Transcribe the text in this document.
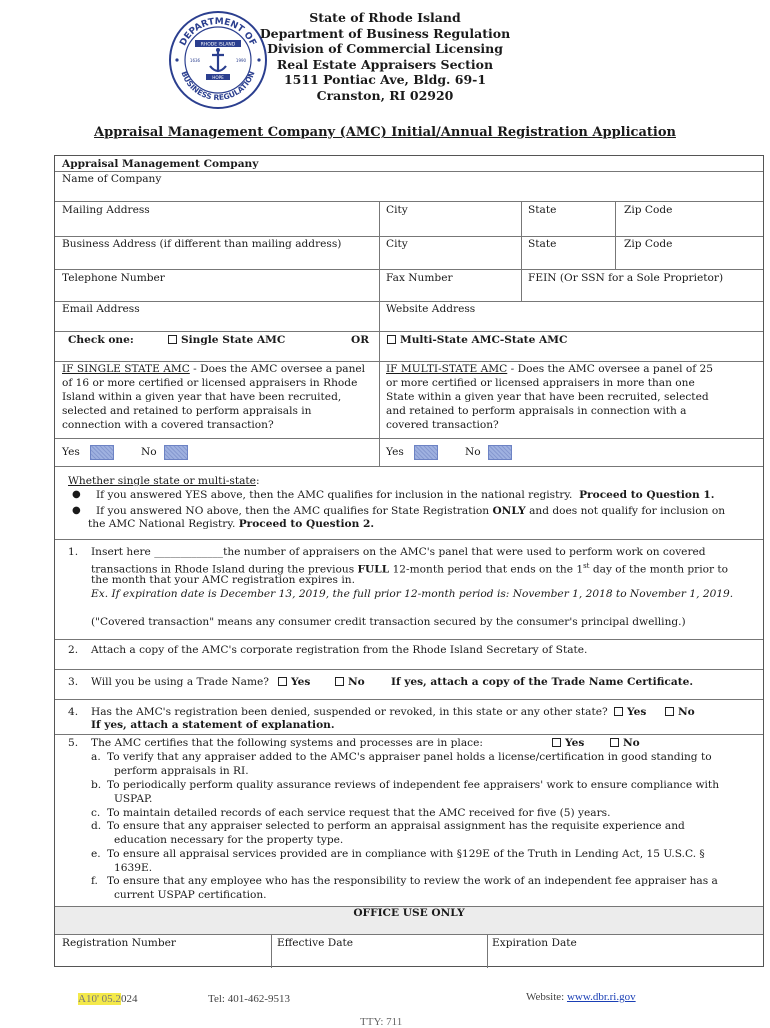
DEPARTMENT OF
BUSINESS REGULATION
RHODE ISLAND
1636	1990
HOPE
State of Rhode Island
Department of Business Regulation
Division of Commercial Licensing
Real Estate Appraisers Section
1511 Pontiac Ave, Bldg. 69-1
Cranston, RI 02920
Appraisal Management Company (AMC) Initial/Annual Registration Application
Appraisal Management Company
Name of Company
Mailing Address	City	State	Zip Code
Business Address (if different than mailing address)	City	State	Zip Code
Telephone Number	Fax Number	FEIN (Or SSN for a Sole Proprietor)
Email Address	Website Address
Check one:	Single State AMC	OR	Multi-State AMC-State AMC
IF SINGLE STATE AMC - Does the AMC oversee a panel of 16 or more certified or licensed appraisers in Rhode Island within a given year that have been recruited, selected and retained to perform appraisals in connection with a covered transaction?
Yes	No
IF MULTI-STATE AMC - Does the AMC oversee a panel of 25 or more certified or licensed appraisers in more than one State within a given year that have been recruited, selected and retained to perform appraisals in connection with a covered transaction?
Yes	No
Whether single state or multi-state:
● If you answered YES above, then the AMC qualifies for inclusion in the national registry. Proceed to Question 1.
● If you answered NO above, then the AMC qualifies for State Registration ONLY and does not qualify for inclusion on
the AMC National Registry. Proceed to Question 2.
1. Insert here _____________the number of appraisers on the AMC's panel that were used to perform work on covered
transactions in Rhode Island during the previous FULL 12-month period that ends on the 1st day of the month prior to
the month that your AMC registration expires in.
Ex. If expiration date is December 13, 2019, the full prior 12-month period is: November 1, 2018 to November 1, 2019.
("Covered transaction" means any consumer credit transaction secured by the consumer's principal dwelling.)
2. Attach a copy of the AMC's corporate registration from the Rhode Island Secretary of State.
3. Will you be using a Trade Name?	Yes	No If yes, attach a copy of the Trade Name Certificate.
4. Has the AMC's registration been denied, suspended or revoked, in this state or any other state?	Yes	No
If yes, attach a statement of explanation.
5. The AMC certifies that the following systems and processes are in place:	Yes	No
a. To verify that any appraiser added to the AMC's appraiser panel holds a license/certification in good standing to
perform appraisals in RI.
b. To periodically perform quality assurance reviews of independent fee appraisers' work to ensure compliance with
USPAP.
c. To maintain detailed records of each service request that the AMC received for five (5) years.
d. To ensure that any appraiser selected to perform an appraisal assignment has the requisite experience and
education necessary for the property type.
e. To ensure all appraisal services provided are in compliance with §129E of the Truth in Lending Act, 15 U.S.C. §
1639E.
f. To ensure that any employee who has the responsibility to review the work of an independent fee appraiser has a
current USPAP certification.
OFFICE USE ONLY
Registration Number	Effective Date	Expiration Date
A10' 05.2024	Tel: 401-462-9513	Website: www.dbr.ri.gov
TTY: 711
